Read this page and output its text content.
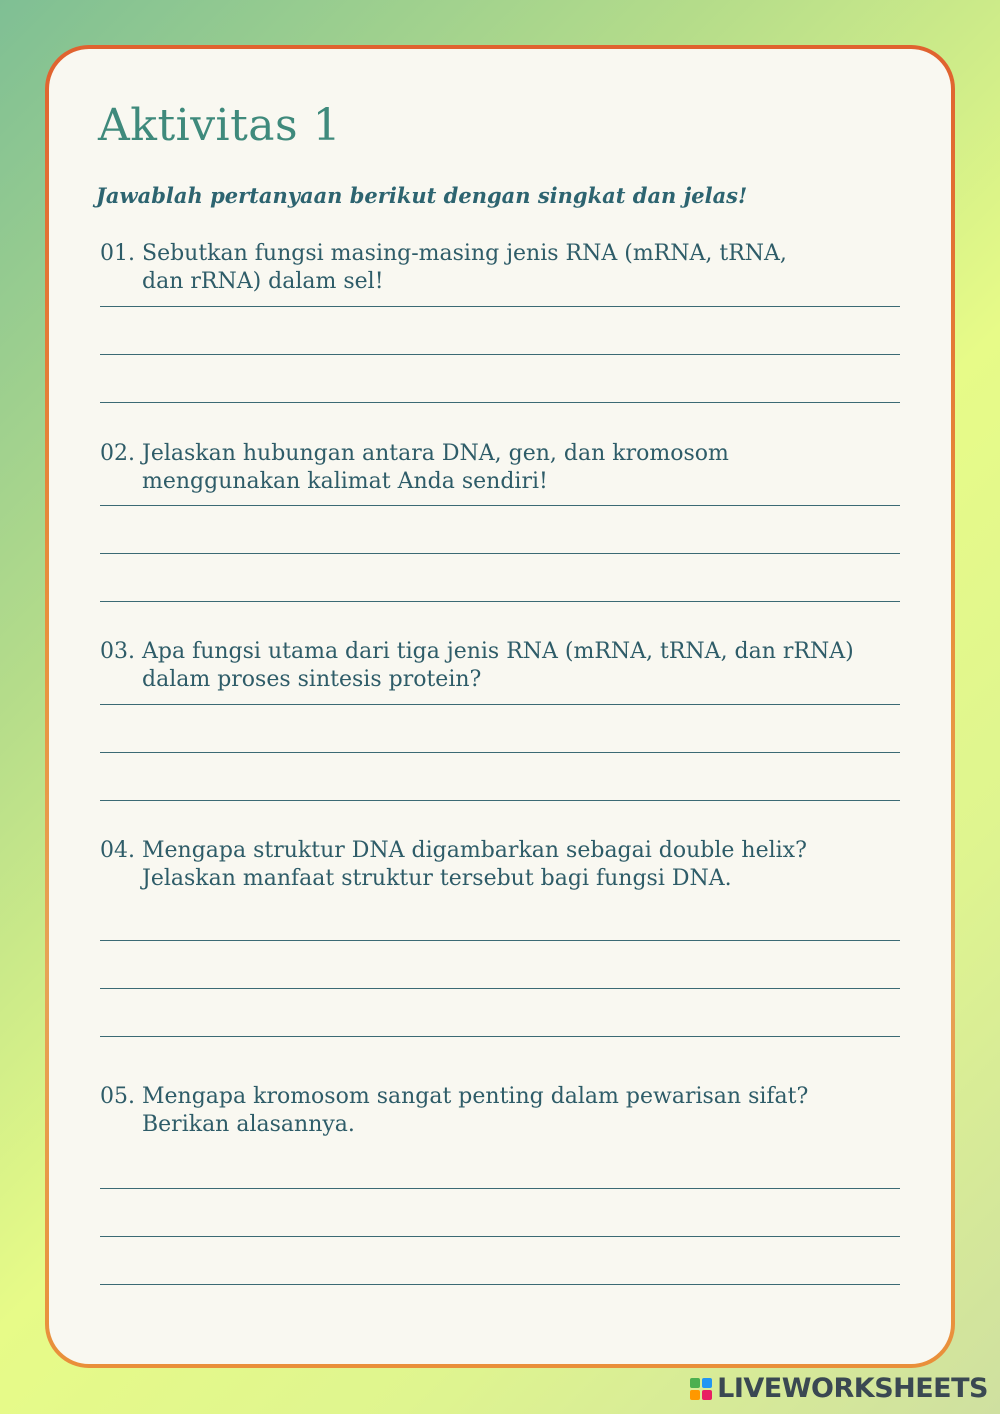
Aktivitas 1
Jawablah pertanyaan berikut dengan singkat dan jelas!
01. Sebutkan fungsi masing-masing jenis RNA (mRNA, tRNA, dan rRNA) dalam sel!
02. Jelaskan hubungan antara DNA, gen, dan kromosom menggunakan kalimat Anda sendiri!
03. Apa fungsi utama dari tiga jenis RNA (mRNA, tRNA, dan rRNA) dalam proses sintesis protein?
04. Mengapa struktur DNA digambarkan sebagai double helix? Jelaskan manfaat struktur tersebut bagi fungsi DNA.
05. Mengapa kromosom sangat penting dalam pewarisan sifat? Berikan alasannya.
LIVEWORKSHEETS
